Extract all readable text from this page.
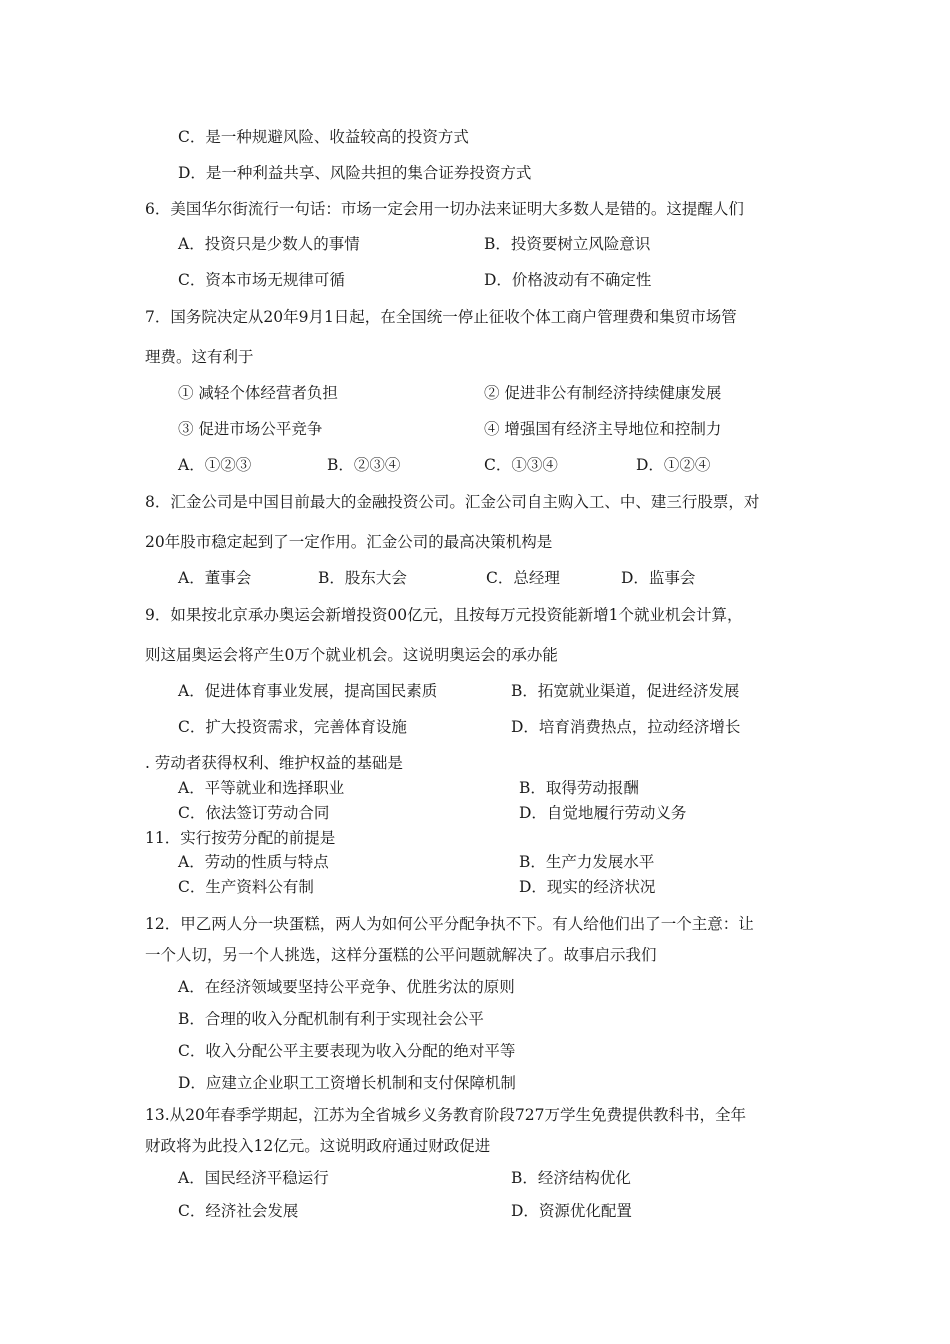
C．是一种规避风险、收益较高的投资方式
D．是一种利益共享、风险共担的集合证券投资方式
6．美国华尔街流行一句话：市场一定会用一切办法来证明大多数人是错的。这提醒人们
A．投资只是少数人的事情	B．投资要树立风险意识
C．资本市场无规律可循	D．价格波动有不确定性
7．国务院决定从20年9月1日起，在全国统一停止征收个体工商户管理费和集贸市场管
理费。这有利于
① 减轻个体经营者负担	② 促进非公有制经济持续健康发展
③ 促进市场公平竞争	④ 增强国有经济主导地位和控制力
A．①②③	B．②③④	C．①③④	D．①②④
8．汇金公司是中国目前最大的金融投资公司。汇金公司自主购入工、中、建三行股票，对
20年股市稳定起到了一定作用。汇金公司的最高决策机构是
A．董事会	B．股东大会	C．总经理	D．监事会
9．如果按北京承办奥运会新增投资00亿元，且按每万元投资能新增1个就业机会计算，
则这届奥运会将产生0万个就业机会。这说明奥运会的承办能
A．促进体育事业发展，提高国民素质	B．拓宽就业渠道，促进经济发展
C．扩大投资需求，完善体育设施	D．培育消费热点，拉动经济增长
. 劳动者获得权利、维护权益的基础是
A．平等就业和选择职业	B．取得劳动报酬
C．依法签订劳动合同	D．自觉地履行劳动义务
11．实行按劳分配的前提是
A．劳动的性质与特点	B．生产力发展水平
C．生产资料公有制	D．现实的经济状况
12．甲乙两人分一块蛋糕，两人为如何公平分配争执不下。有人给他们出了一个主意：让
一个人切，另一个人挑选，这样分蛋糕的公平问题就解决了。故事启示我们
A．在经济领域要坚持公平竞争、优胜劣汰的原则
B．合理的收入分配机制有利于实现社会公平
C．收入分配公平主要表现为收入分配的绝对平等
D．应建立企业职工工资增长机制和支付保障机制
13.从20年春季学期起，江苏为全省城乡义务教育阶段727万学生免费提供教科书，全年
财政将为此投入12亿元。这说明政府通过财政促进
A．国民经济平稳运行	B．经济结构优化
C．经济社会发展	D．资源优化配置
